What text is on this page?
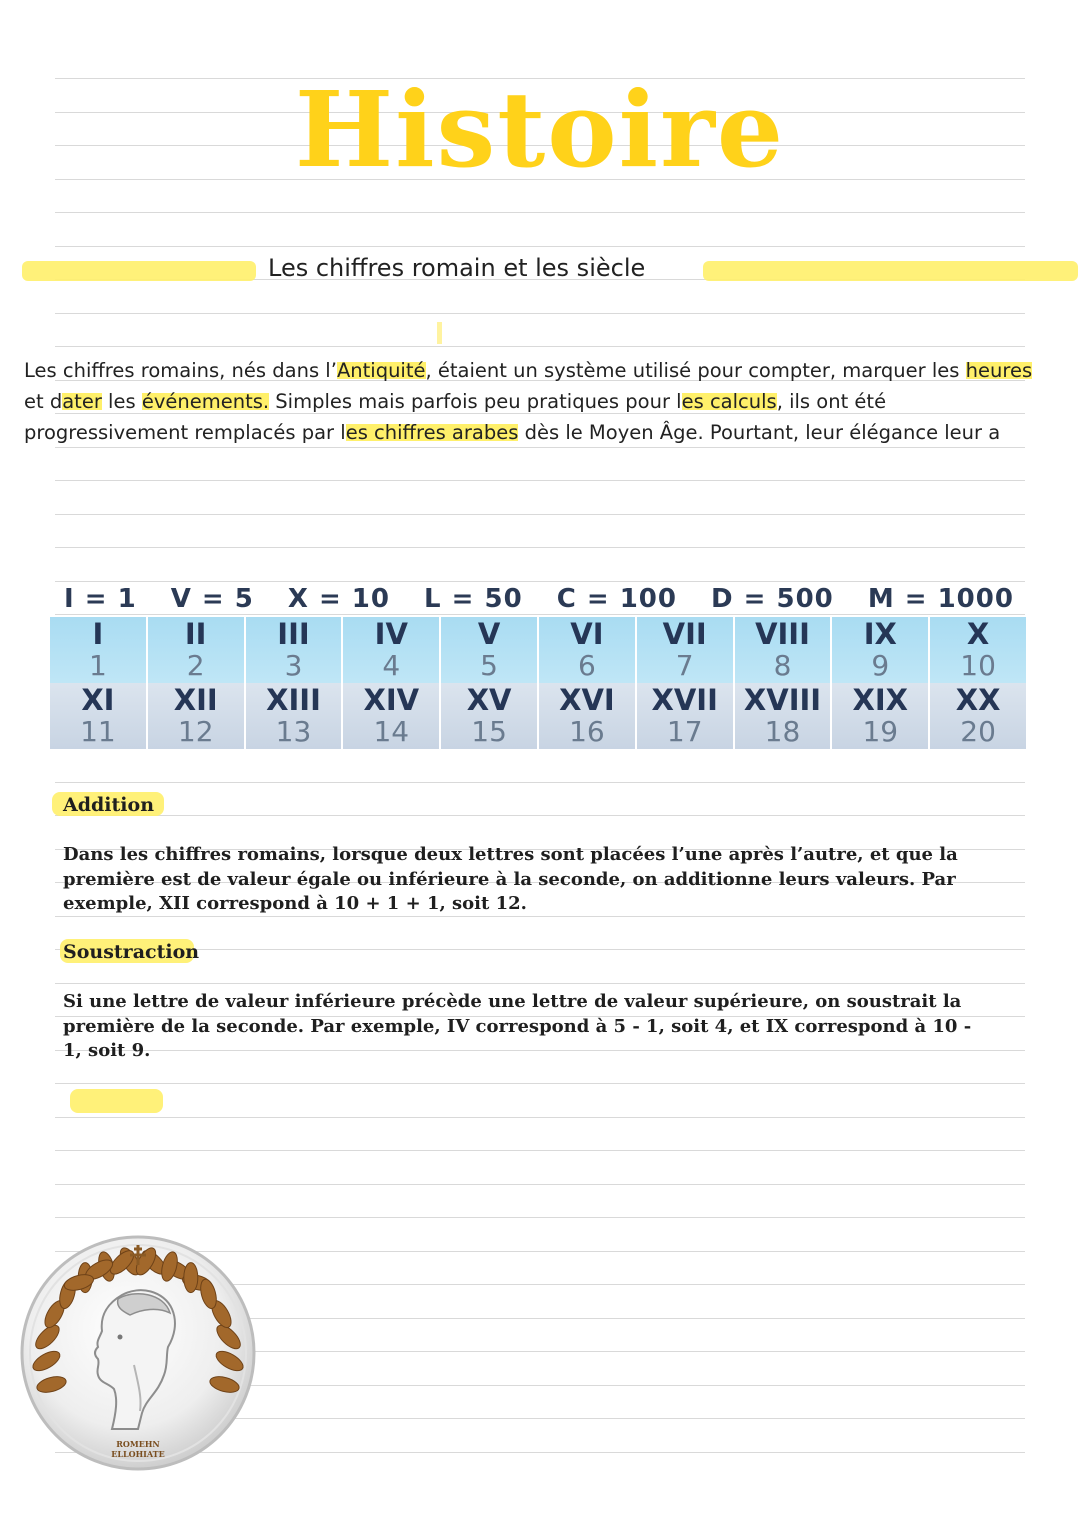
Histoire
Les chiffres romain et les siècle
Les chiffres romains, nés dans l’Antiquité, étaient un système utilisé pour compter, marquer les heures et dater les événements. Simples mais parfois peu pratiques pour les calculs, ils ont été progressivement remplacés par les chiffres arabes dès le Moyen Âge. Pourtant, leur élégance leur a
I = 1 V = 5 X = 10 L = 50 C = 100 D = 500 M = 1000
I
1
II
2
III
3
IV
4
V
5
VI
6
VII
7
VIII
8
IX
9
X
10
XI
11
XII
12
XIII
13
XIV
14
XV
15
XVI
16
XVII
17
XVIII
18
XIX
19
XX
20
Addition
Dans les chiffres romains, lorsque deux lettres sont placées l’une après l’autre, et que la première est de valeur égale ou inférieure à la seconde, on additionne leurs valeurs. Par exemple, XII correspond à 10 + 1 + 1, soit 12.
Soustraction
Si une lettre de valeur inférieure précède une lettre de valeur supérieure, on soustrait la première de la seconde. Par exemple, IV correspond à 5 - 1, soit 4, et IX correspond à 10 - 1, soit 9.
ROMEHN
ELLOHIATE
